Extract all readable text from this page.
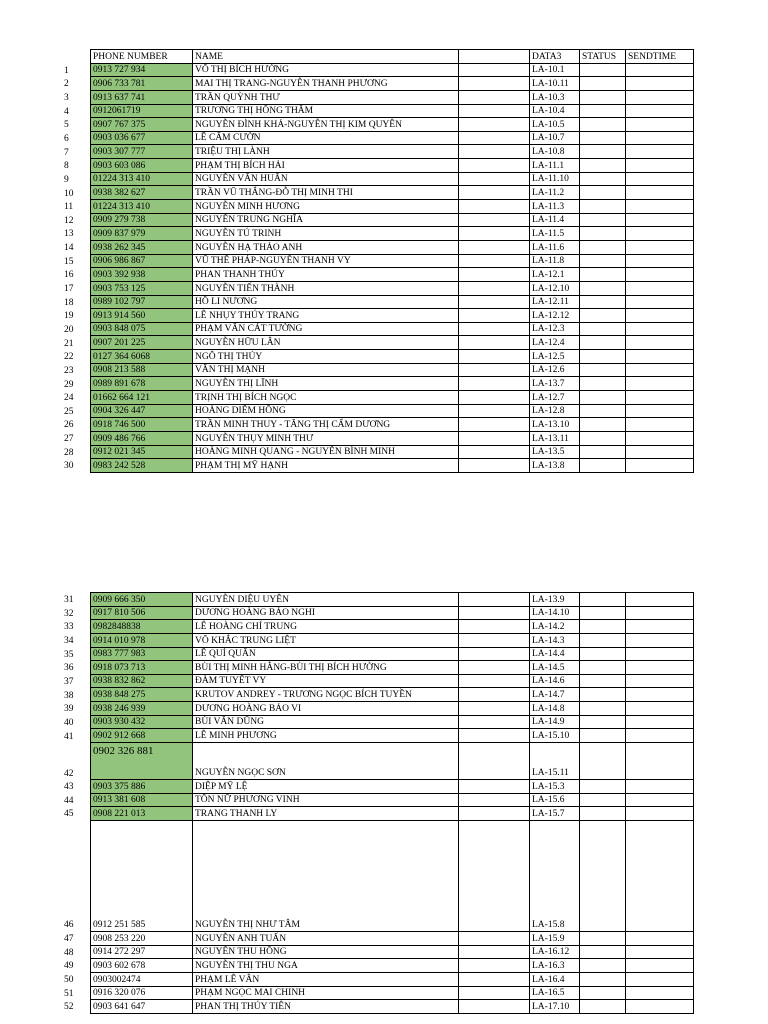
	PHONE NUMBER	NAME		DATA3	STATUS	SENDTIME
1	0913 727 934	VÕ THỊ BÍCH HƯỜNG		LA-10.1		
2	0906 733 781	MAI THỊ TRANG-NGUYỄN THANH PHƯƠNG		LA-10.11		
3	0913 637 741	TRẦN QUỲNH THƯ		LA-10.3		
4	0912061719	TRƯƠNG THỊ HỒNG THẮM		LA-10.4		
5	0907 767 375	NGUYỄN ĐÌNH KHẢ-NGUYỄN THỊ KIM QUYÊN		LA-10.5		
6	0903 036 677	LÊ CẨM CƯỜN		LA-10.7		
7	0903 307 777	TRIỆU THỊ LÀNH		LA-10.8		
8	0903 603 086	PHẠM THỊ BÍCH HẢI		LA-11.1		
9	01224 313 410	NGUYỄN VĂN HUẤN		LA-11.10		
10	0938 382 627	TRẦN VŨ THẮNG-ĐỖ THỊ MINH THI		LA-11.2		
11	01224 313 410	NGUYỄN MINH HƯƠNG		LA-11.3		
12	0909 279 738	NGUYỄN TRUNG NGHĨA		LA-11.4		
13	0909 837 979	NGUYỄN TÚ TRINH		LA-11.5		
14	0938 262 345	NGUYỄN HẠ THẢO ANH		LA-11.6		
15	0906 986 867	VŨ THẾ PHÁP-NGUYỄN THANH VY		LA-11.8		
16	0903 392 938	PHAN THANH THÚY		LA-12.1		
17	0903 753 125	NGUYỄN TIẾN THÀNH		LA-12.10		
18	0989 102 797	HỒ LI NƯƠNG		LA-12.11		
19	0913 914 560	LÊ NHỤY THÚY TRANG		LA-12.12		
20	0903 848 075	PHẠM VĂN CÁT TƯỜNG		LA-12.3		
21	0907 201 225	NGUYỄN HỮU LÂN		LA-12.4		
22	0127 364 6068	NGÔ THỊ THÚY		LA-12.5		
23	0908 213 588	VĂN THỊ MẠNH		LA-12.6		
29	0989 891 678	NGUYỄN THỊ LĨNH		LA-13.7		
24	01662 664 121	TRỊNH THỊ BÍCH NGỌC		LA-12.7		
25	0904 326 447	HOÀNG DIỄM HỒNG		LA-12.8		
26	0918 746 500	TRẦN MINH THUY - TĂNG THỊ CẨM DƯƠNG		LA-13.10		
27	0909 486 766	NGUYỄN THỤY MINH THƯ		LA-13.11		
28	0912 021 345	HOÀNG MINH QUANG - NGUYỄN BÌNH MINH		LA-13.5		
30	0983 242 528	PHẠM THỊ MỸ HẠNH		LA-13.8		
31	0909 666 350	NGUYỄN DIỆU UYÊN		LA-13.9		
32	0917 810 506	DƯƠNG HOÀNG BẢO NGHI		LA-14.10		
33	0982848838	LÊ HOÀNG CHÍ TRUNG		LA-14.2		
34	0914 010 978	VÕ KHẮC TRUNG LIỆT		LA-14.3		
35	0983 777 983	LÊ QUÍ QUÂN		LA-14.4		
36	0918 073 713	BÙI THỊ MINH HẰNG-BÙI THỊ BÍCH HƯỜNG		LA-14.5		
37	0938 832 862	ĐÀM TUYẾT VY		LA-14.6		
38	0938 848 275	KRUTOV ANDREY - TRƯƠNG NGỌC BÍCH TUYỀN		LA-14.7		
39	0938 246 939	DƯƠNG HOÀNG BẢO VI		LA-14.8		
40	0903 930 432	BÙI VĂN DŨNG		LA-14.9		
41	0902 912 668	LÊ MINH PHƯƠNG		LA-15.10		
42	0902 326 881	NGUYỄN NGỌC SƠN		LA-15.11		
43	0903 375 886	DIỆP MỸ LỆ		LA-15.3		
44	0913 381 608	TÔN NỮ PHƯƠNG VINH		LA-15.6		
45	0908 221 013	TRANG THANH LY		LA-15.7		
46	0912 251 585	NGUYỄN THỊ NHƯ TÂM		LA-15.8		
47	0908 253 220	NGUYỄN ANH TUẤN		LA-15.9		
48	0914 272 297	NGUYỄN THU HỒNG		LA-16.12		
49	0903 602 678	NGUYỄN THỊ THU NGA		LA-16.3		
50	0903002474	PHẠM LÊ VÂN		LA-16.4		
51	0916 320 076	PHẠM NGỌC MAI CHINH		LA-16.5		
52	0903 641 647	PHAN THỊ THÚY TIÊN		LA-17.10		
